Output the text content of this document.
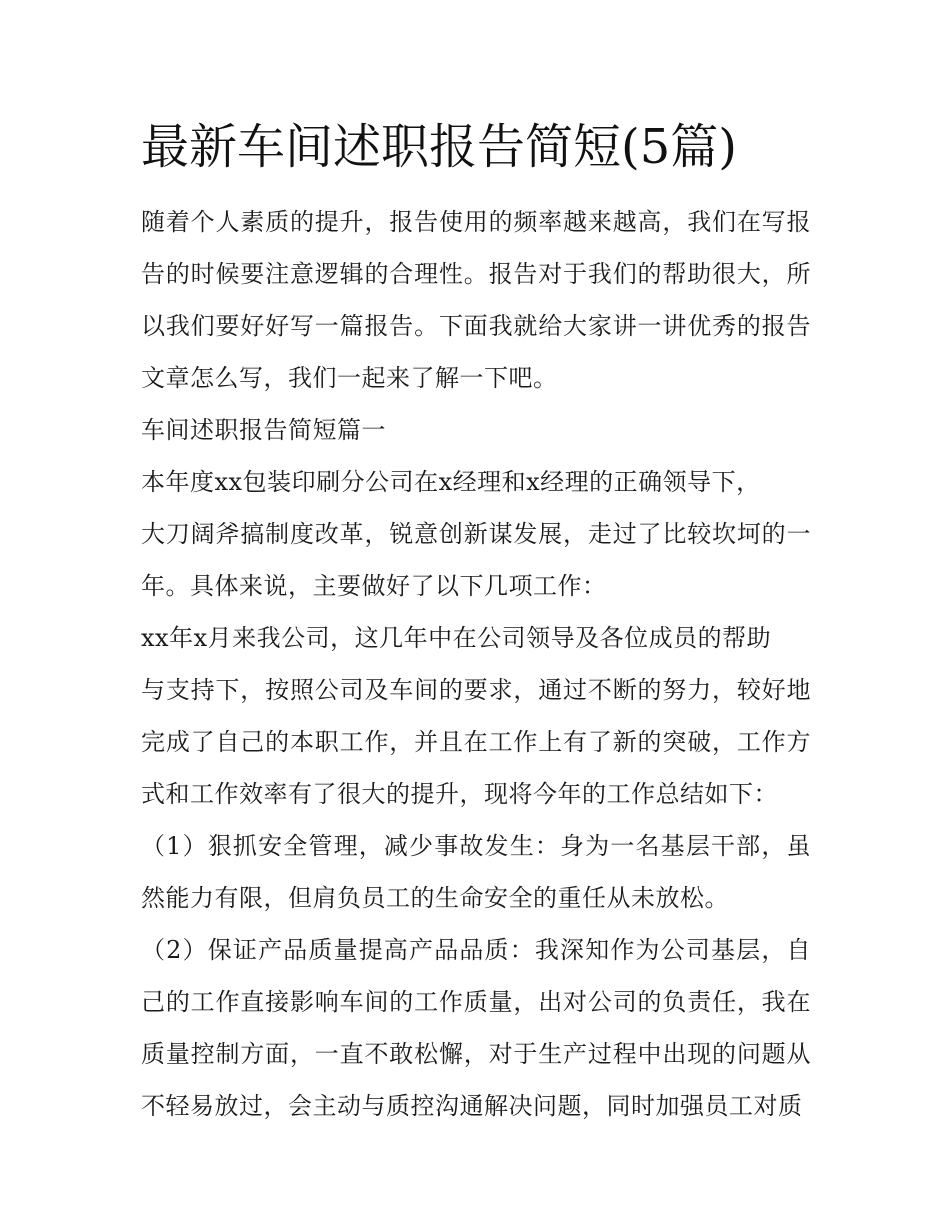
最新车间述职报告简短(5篇)

随着个人素质的提升，报告使用的频率越来越高，我们在写报告的时候要注意逻辑的合理性。报告对于我们的帮助很大，所以我们要好好写一篇报告。下面我就给大家讲一讲优秀的报告文章怎么写，我们一起来了解一下吧。

车间述职报告简短篇一

本年度xx包装印刷分公司在x经理和x经理的正确领导下，

大刀阔斧搞制度改革，锐意创新谋发展，走过了比较坎坷的一年。具体来说，主要做好了以下几项工作：

xx年x月来我公司，这几年中在公司领导及各位成员的帮助

与支持下，按照公司及车间的要求，通过不断的努力，较好地完成了自己的本职工作，并且在工作上有了新的突破，工作方式和工作效率有了很大的提升，现将今年的工作总结如下：

（1）狠抓安全管理，减少事故发生：身为一名基层干部，虽然能力有限，但肩负员工的生命安全的重任从未放松。

（2）保证产品质量提高产品品质：我深知作为公司基层，自己的工作直接影响车间的工作质量，出对公司的负责任，我在质量控制方面，一直不敢松懈，对于生产过程中出现的问题从不轻易放过，会主动与质控沟通解决问题，同时加强员工对质
